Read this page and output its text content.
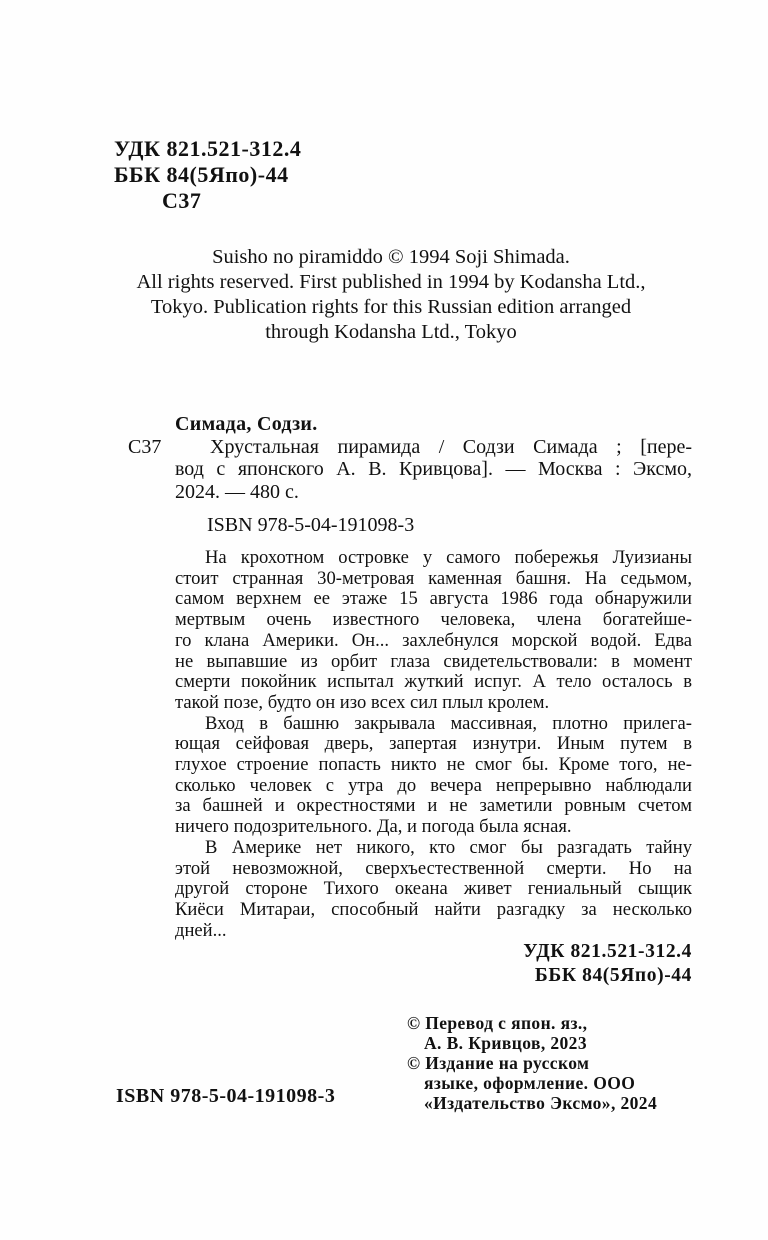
УДК 821.521-312.4
ББК 84(5Япо)-44
С37
Suisho no piramiddo © 1994 Soji Shimada.
All rights reserved. First published in 1994 by Kodansha Ltd.,
Tokyo. Publication rights for this Russian edition arranged
through Kodansha Ltd., Tokyo
Симада, Содзи.
С37	Хрустальная пирамида / Содзи Симада ; [пере-
вод с японского А. В. Кривцова]. — Москва : Эксмо,
2024. — 480 с.
ISBN 978-5-04-191098-3
На крохотном островке у самого побережья Луизианы
стоит странная 30-метровая каменная башня. На седьмом,
самом верхнем ее этаже 15 августа 1986 года обнаружили
мертвым очень известного человека, члена богатейше-
го клана Америки. Он... захлебнулся морской водой. Едва
не выпавшие из орбит глаза свидетельствовали: в момент
смерти покойник испытал жуткий испуг. А тело осталось в
такой позе, будто он изо всех сил плыл кролем.
Вход в башню закрывала массивная, плотно прилега-
ющая сейфовая дверь, запертая изнутри. Иным путем в
глухое строение попасть никто не смог бы. Кроме того, не-
сколько человек с утра до вечера непрерывно наблюдали
за башней и окрестностями и не заметили ровным счетом
ничего подозрительного. Да, и погода была ясная.
В Америке нет никого, кто смог бы разгадать тайну
этой невозможной, сверхъестественной смерти. Но на
другой стороне Тихого океана живет гениальный сыщик
Киёси Митараи, способный найти разгадку за несколько
дней...
УДК 821.521-312.4
ББК 84(5Япо)-44
© Перевод с япон. яз.,
А. В. Кривцов, 2023
© Издание на русском
языке, оформление. ООО
«Издательство Эксмо», 2024
ISBN 978-5-04-191098-3
